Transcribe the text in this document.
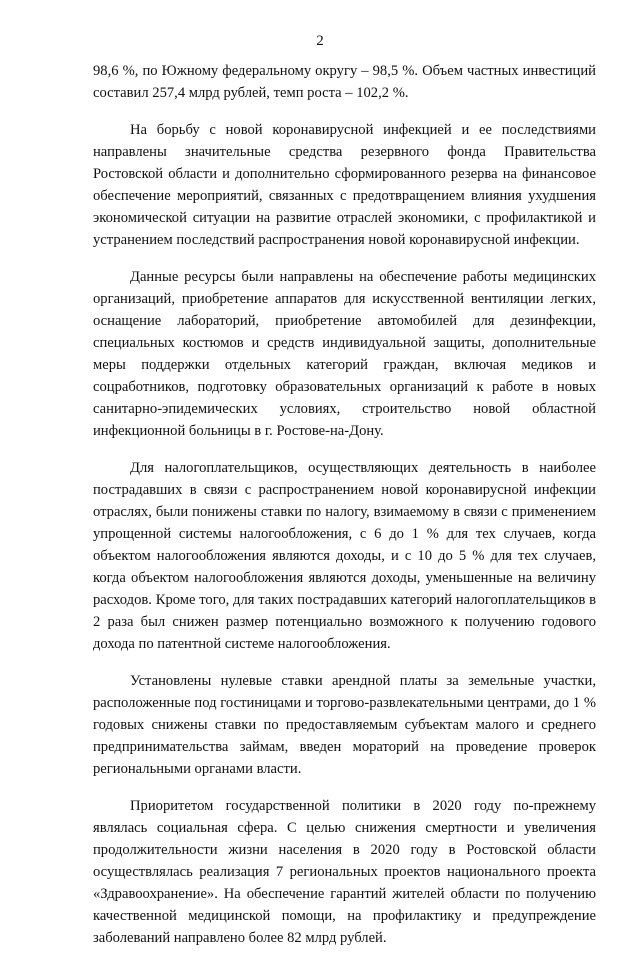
2

98,6 %, по Южному федеральному округу – 98,5 %. Объем частных инвестиций составил 257,4 млрд рублей, темп роста – 102,2 %.

На борьбу с новой коронавирусной инфекцией и ее последствиями направлены значительные средства резервного фонда Правительства Ростовской области и дополнительно сформированного резерва на финансовое обеспечение мероприятий, связанных с предотвращением влияния ухудшения экономической ситуации на развитие отраслей экономики, с профилактикой и устранением последствий распространения новой коронавирусной инфекции.

Данные ресурсы были направлены на обеспечение работы медицинских организаций, приобретение аппаратов для искусственной вентиляции легких, оснащение лабораторий, приобретение автомобилей для дезинфекции, специальных костюмов и средств индивидуальной защиты, дополнительные меры поддержки отдельных категорий граждан, включая медиков и соцработников, подготовку образовательных организаций к работе в новых санитарно-эпидемических условиях, строительство новой областной инфекционной больницы в г. Ростове-на-Дону.

Для налогоплательщиков, осуществляющих деятельность в наиболее пострадавших в связи с распространением новой коронавирусной инфекции отраслях, были понижены ставки по налогу, взимаемому в связи с применением упрощенной системы налогообложения, с 6 до 1 % для тех случаев, когда объектом налогообложения являются доходы, и с 10 до 5 % для тех случаев, когда объектом налогообложения являются доходы, уменьшенные на величину расходов. Кроме того, для таких пострадавших категорий налогоплательщиков в 2 раза был снижен размер потенциально возможного к получению годового дохода по патентной системе налогообложения.

Установлены нулевые ставки арендной платы за земельные участки, расположенные под гостиницами и торгово-развлекательными центрами, до 1 % годовых снижены ставки по предоставляемым субъектам малого и среднего предпринимательства займам, введен мораторий на проведение проверок региональными органами власти.

Приоритетом государственной политики в 2020 году по-прежнему являлась социальная сфера. С целью снижения смертности и увеличения продолжительности жизни населения в 2020 году в Ростовской области осуществлялась реализация 7 региональных проектов национального проекта «Здравоохранение». На обеспечение гарантий жителей области по получению качественной медицинской помощи, на профилактику и предупреждение заболеваний направлено более 82 млрд рублей.
